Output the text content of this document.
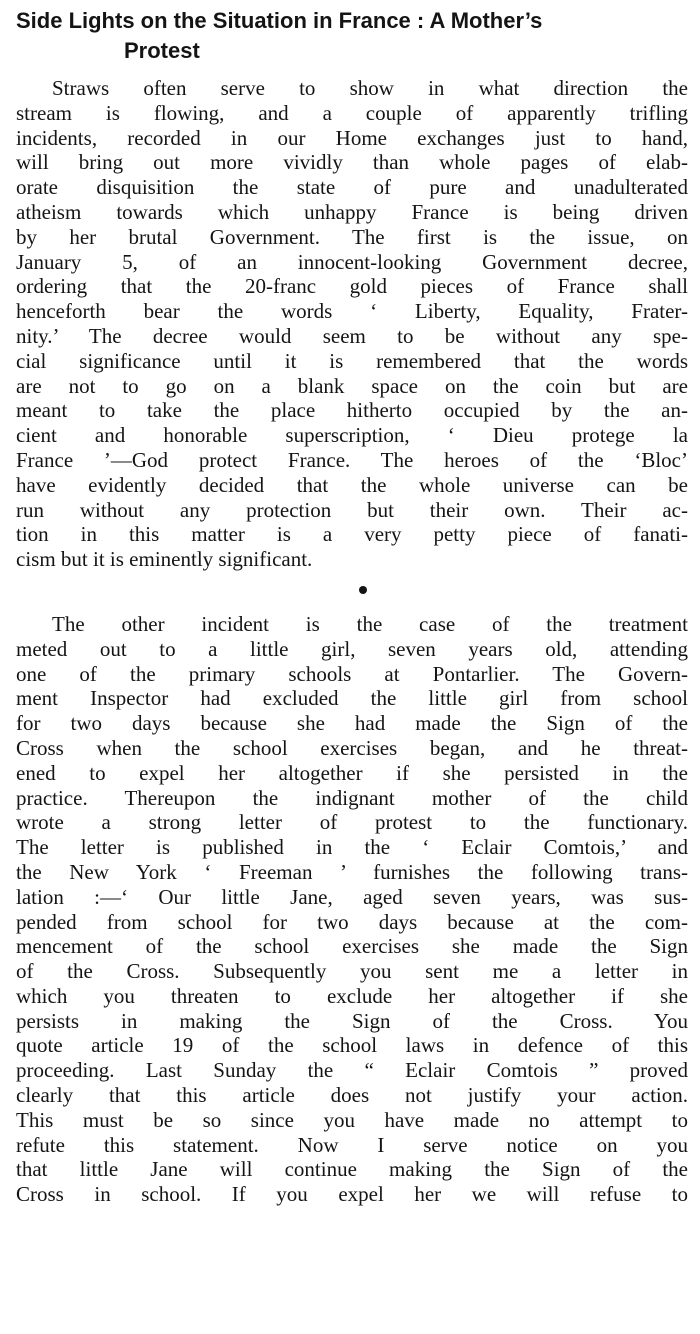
Side Lights on the Situation in France : A Mother’s
Protest
Straws often serve to show in what direction the
stream is flowing, and a couple of apparently trifling
incidents, recorded in our Home exchanges just to hand,
will bring out more vividly than whole pages of elab-
orate disquisition the state of pure and unadulterated
atheism towards which unhappy France is being driven
by her brutal Government. The first is the issue, on
January 5, of an innocent-looking Government decree,
ordering that the 20-franc gold pieces of France shall
henceforth bear the words ‘ Liberty, Equality, Frater-
nity.’ The decree would seem to be without any spe-
cial significance until it is remembered that the words
are not to go on a blank space on the coin but are
meant to take the place hitherto occupied by the an-
cient and honorable superscription, ‘ Dieu protege la
France ’—God protect France. The heroes of the ‘Bloc’
have evidently decided that the whole universe can be
run without any protection but their own. Their ac-
tion in this matter is a very petty piece of fanati-
cism but it is eminently significant.
The other incident is the case of the treatment
meted out to a little girl, seven years old, attending
one of the primary schools at Pontarlier. The Govern-
ment Inspector had excluded the little girl from school
for two days because she had made the Sign of the
Cross when the school exercises began, and he threat-
ened to expel her altogether if she persisted in the
practice. Thereupon the indignant mother of the child
wrote a strong letter of protest to the functionary.
The letter is published in the ‘ Eclair Comtois,’ and
the New York ‘ Freeman ’ furnishes the following trans-
lation :—‘ Our little Jane, aged seven years, was sus-
pended from school for two days because at the com-
mencement of the school exercises she made the Sign
of the Cross. Subsequently you sent me a letter in
which you threaten to exclude her altogether if she
persists in making the Sign of the Cross. You
quote article 19 of the school laws in defence of this
proceeding. Last Sunday the “ Eclair Comtois ” proved
clearly that this article does not justify your action.
This must be so since you have made no attempt to
refute this statement. Now I serve notice on you
that little Jane will continue making the Sign of the
Cross in school. If you expel her we will refuse to
